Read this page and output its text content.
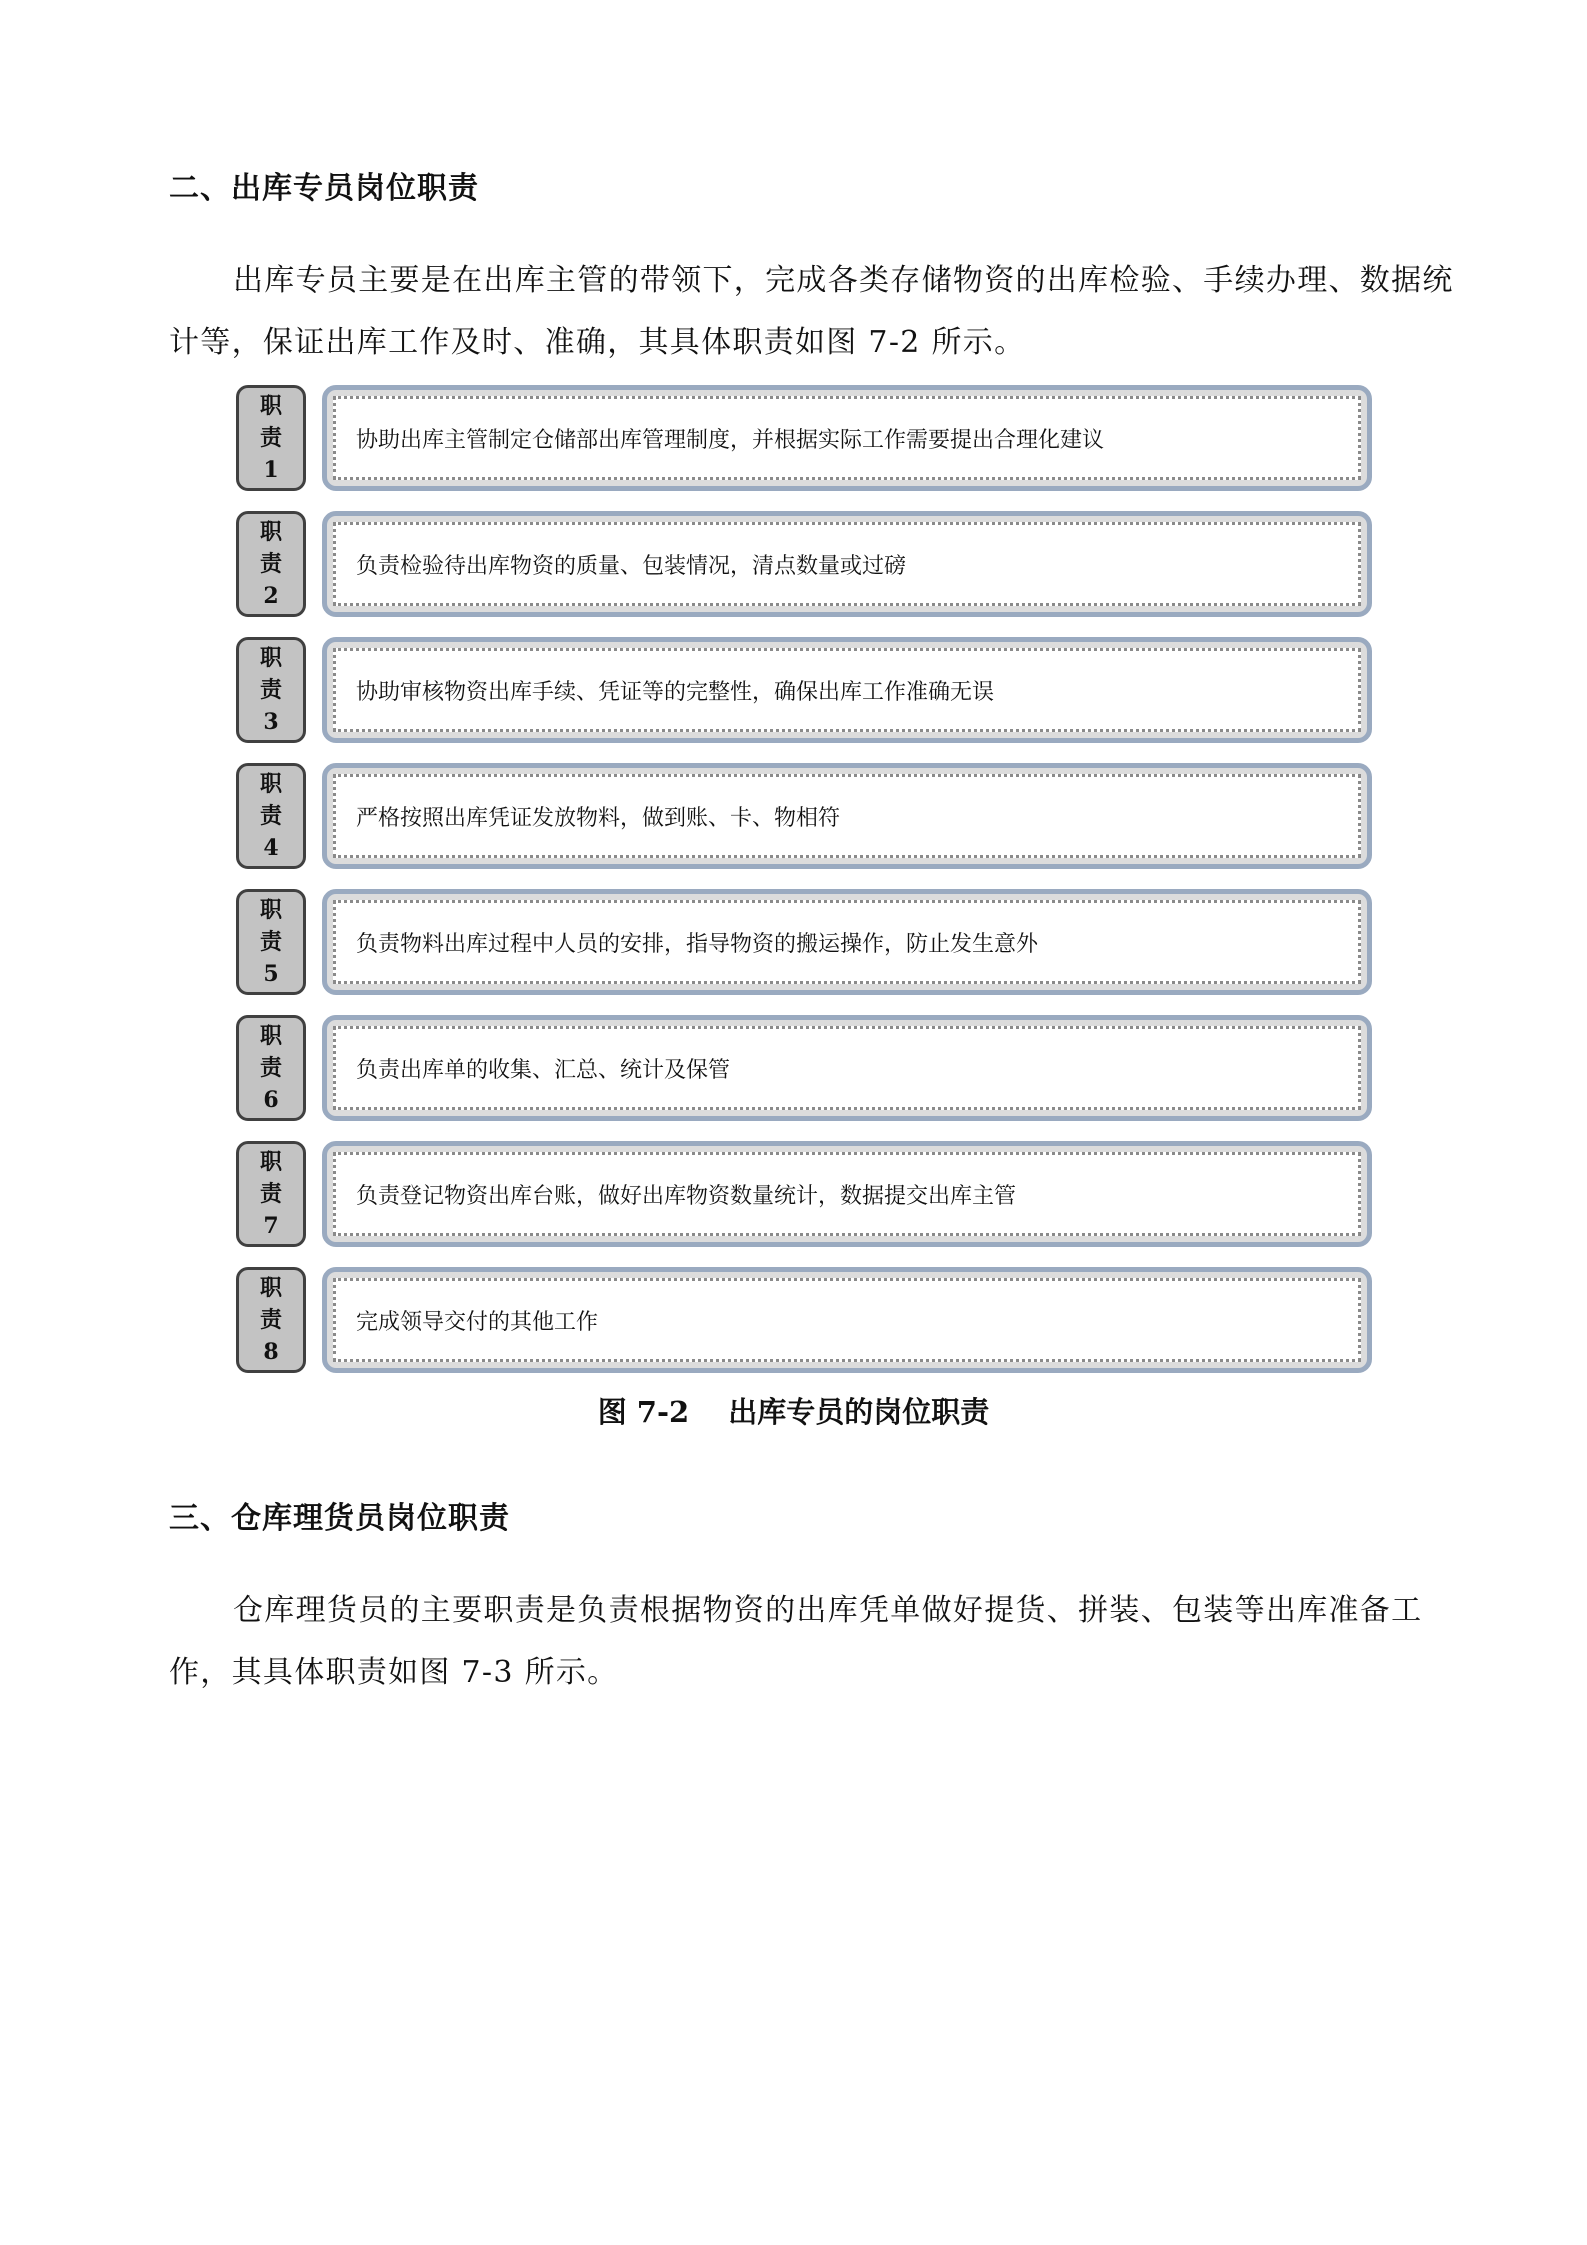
二、出库专员岗位职责
出库专员主要是在出库主管的带领下，完成各类存储物资的出库检验、手续办理、数据统计等，保证出库工作及时、准确，其具体职责如图 7-2 所示。
职
责
1
协助出库主管制定仓储部出库管理制度，并根据实际工作需要提出合理化建议
职
责
2
负责检验待出库物资的质量、包装情况，清点数量或过磅
职
责
3
协助审核物资出库手续、凭证等的完整性，确保出库工作准确无误
职
责
4
严格按照出库凭证发放物料，做到账、卡、物相符
职
责
5
负责物料出库过程中人员的安排，指导物资的搬运操作，防止发生意外
职
责
6
负责出库单的收集、汇总、统计及保管
职
责
7
负责登记物资出库台账，做好出库物资数量统计，数据提交出库主管
职
责
8
完成领导交付的其他工作
图 7-2　 出库专员的岗位职责
三、仓库理货员岗位职责
仓库理货员的主要职责是负责根据物资的出库凭单做好提货、拼装、包装等出库准备工作，其具体职责如图 7-3 所示。
